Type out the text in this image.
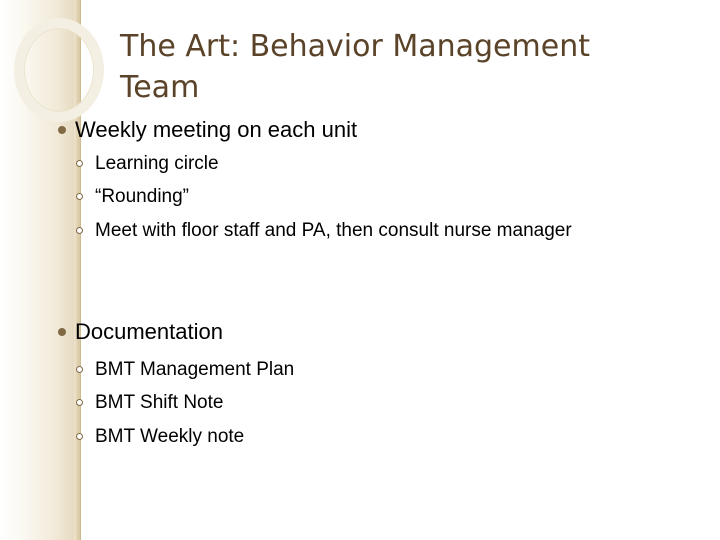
The Art: Behavior Management
Team
Weekly meeting on each unit
Learning circle
“Rounding”
Meet with floor staff and PA, then consult nurse manager
Documentation
BMT Management Plan
BMT Shift Note
BMT Weekly note
